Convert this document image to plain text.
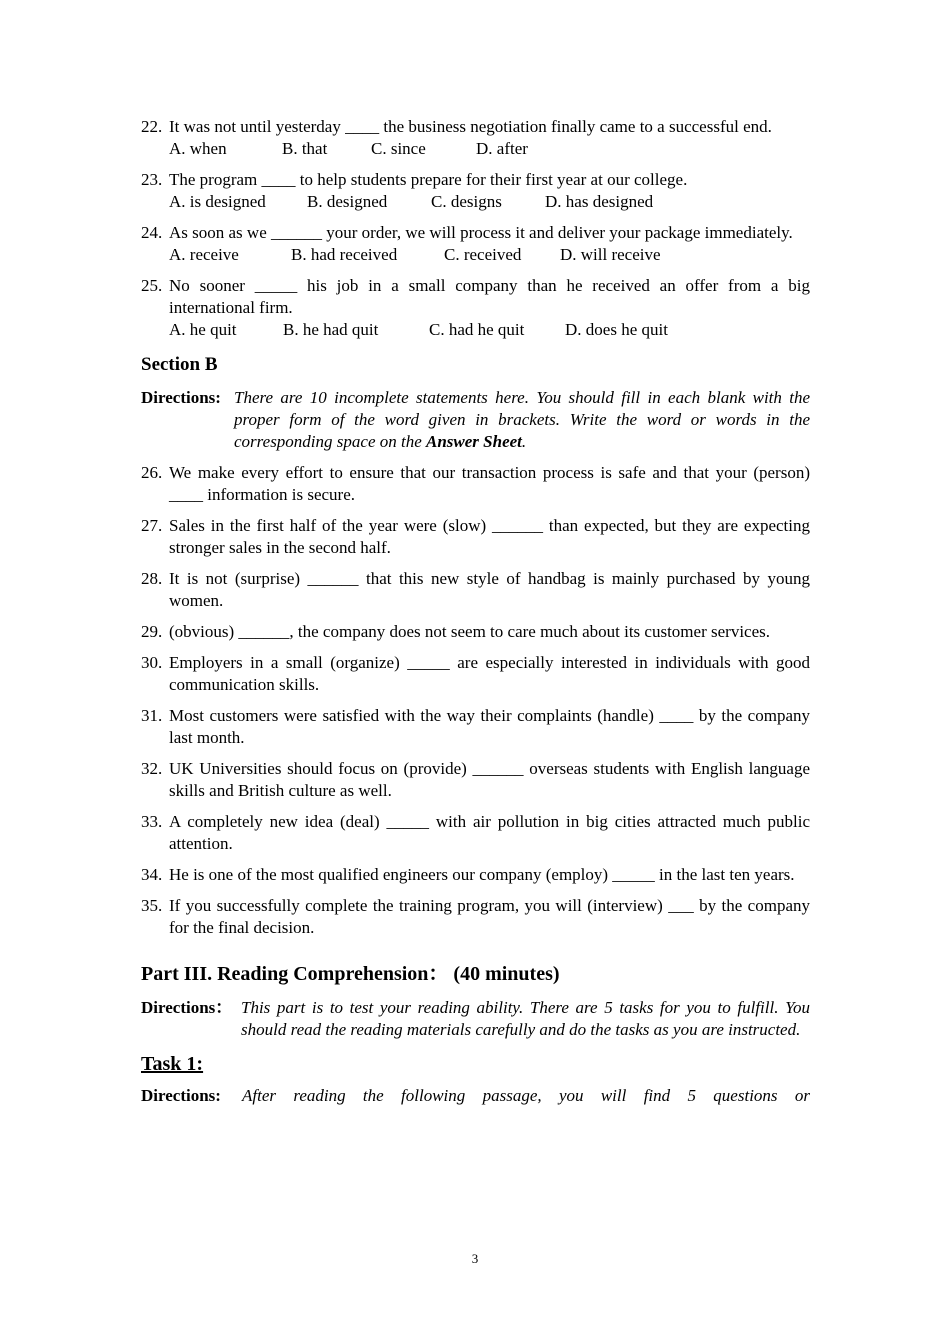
22. It was not until yesterday ____ the business negotiation finally came to a successful end.
A. when	B. that	C. since	D. after
23. The program ____ to help students prepare for their first year at our college.
A. is designed	B. designed	C. designs	D. has designed
24. As soon as we ______ your order, we will process it and deliver your package immediately.
A. receive	B. had received	C. received	D. will receive
25. No sooner _____ his job in a small company than he received an offer from a big international firm.
A. he quit	B. he had quit	C. had he quit	D. does he quit
Section B
Directions: There are 10 incomplete statements here. You should fill in each blank with the proper form of the word given in brackets. Write the word or words in the corresponding space on the Answer Sheet.
26. We make every effort to ensure that our transaction process is safe and that your (person) ____ information is secure.
27. Sales in the first half of the year were (slow) ______ than expected, but they are expecting stronger sales in the second half.
28. It is not (surprise) ______ that this new style of handbag is mainly purchased by young women.
29. (obvious) ______, the company does not seem to care much about its customer services.
30. Employers in a small (organize) _____ are especially interested in individuals with good communication skills.
31. Most customers were satisfied with the way their complaints (handle) ____ by the company last month.
32. UK Universities should focus on (provide) ______ overseas students with English language skills and British culture as well.
33. A completely new idea (deal) _____ with air pollution in big cities attracted much public attention.
34. He is one of the most qualified engineers our company (employ) _____ in the last ten years.
35. If you successfully complete the training program, you will (interview) ___ by the company for the final decision.
Part III. Reading Comprehension： (40 minutes)
Directions： This part is to test your reading ability. There are 5 tasks for you to fulfill. You should read the reading materials carefully and do the tasks as you are instructed.
Task 1:
Directions:	After reading the following passage, you will find 5 questions or
3
